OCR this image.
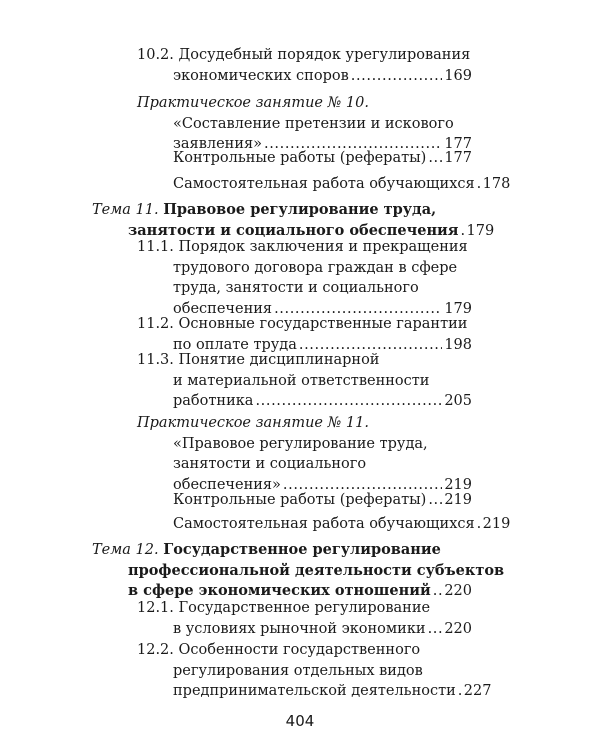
10.2. Досудебный порядок урегулирования
экономических споров .....	169
Практическое занятие № 10.
«Составление претензии и искового
заявления» .....	177
Контрольные работы (рефераты) ..... 177
Самостоятельная работа обучающихся ..... 178
Тема 11. Правовое регулирование труда,
занятости и социального обеспечения ..... 179
11.1. Порядок заключения и прекращения
трудового договора граждан в сфере
труда, занятости и социального
обеспечения .....	179
11.2. Основные государственные гарантии
по оплате труда .....	198
11.3. Понятие дисциплинарной
и материальной ответственности
работника .....	205
Практическое занятие № 11.
«Правовое регулирование труда,
занятости и социального
обеспечения» .....	219
Контрольные работы (рефераты) ..... 219
Самостоятельная работа обучающихся ..... 219
Тема 12. Государственное регулирование
профессиональной деятельности субъектов
в сфере экономических отношений ..... 220
12.1. Государственное регулирование
в условиях рыночной экономики ..... 220
12.2. Особенности государственного
регулирования отдельных видов
предпринимательской деятельности ..... 227
404
